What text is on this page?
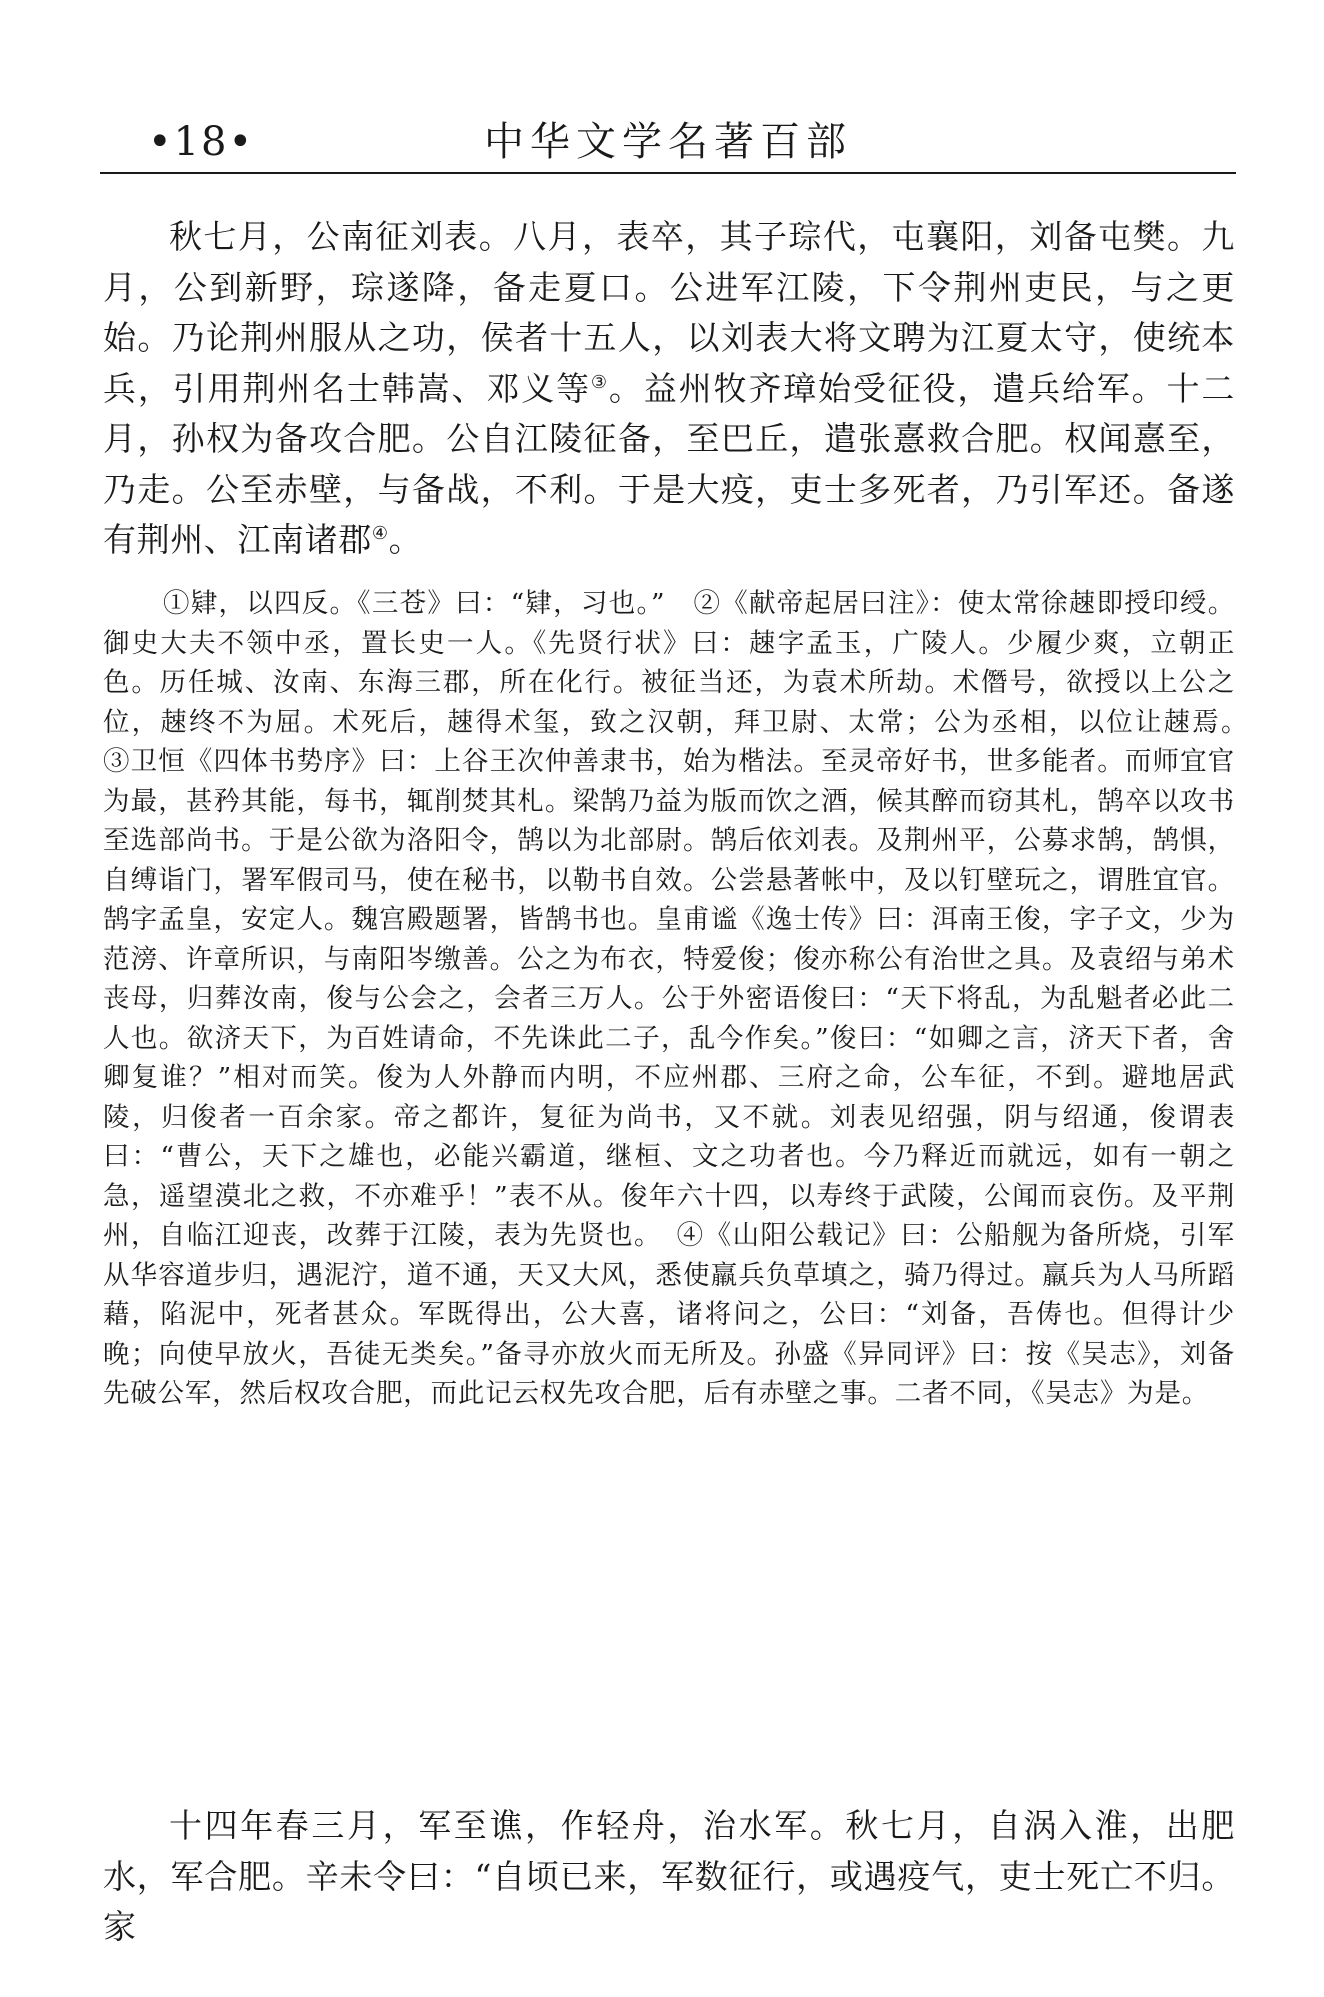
•18•	中华文学名著百部

秋七月，公南征刘表。八月，表卒，其子琮代，屯襄阳，刘备屯樊。九月，公到新野，琮遂降，备走夏口。公进军江陵，下令荆州吏民，与之更始。乃论荆州服从之功，侯者十五人，以刘表大将文聘为江夏太守，使统本兵，引用荆州名士韩嵩、邓义等③。益州牧齐璋始受征役，遣兵给军。十二月，孙权为备攻合肥。公自江陵征备，至巴丘，遣张憙救合肥。权闻憙至，乃走。公至赤壁，与备战，不利。于是大疫，吏士多死者，乃引军还。备遂有荆州、江南诸郡④。

①肄，以四反。《三苍》曰：“肄，习也。”　②《献帝起居曰注》：使太常徐趚即授印绶。御史大夫不领中丞，置长史一人。《先贤行状》曰：趚字孟玉，广陵人。少履少爽，立朝正色。历任城、汝南、东海三郡，所在化行。被征当还，为袁术所劫。术僭号，欲授以上公之位，趚终不为屈。术死后，趚得术玺，致之汉朝，拜卫尉、太常；公为丞相，以位让趚焉。　③卫恒《四体书势序》曰：上谷王次仲善隶书，始为楷法。至灵帝好书，世多能者。而师宜官为最，甚矜其能，每书，辄削焚其札。梁鹄乃益为版而饮之酒，候其醉而窃其札，鹄卒以攻书至选部尚书。于是公欲为洛阳令，鹄以为北部尉。鹄后依刘表。及荆州平，公募求鹄，鹄惧，自缚诣门，署军假司马，使在秘书，以勒书自效。公尝悬著帐中，及以钉壁玩之，谓胜宜官。鹄字孟皇，安定人。魏宫殿题署，皆鹄书也。皇甫谧《逸士传》曰：洱南王俊，字子文，少为范滂、许章所识，与南阳岑缴善。公之为布衣，特爱俊；俊亦称公有治世之具。及袁绍与弟术丧母，归葬汝南，俊与公会之，会者三万人。公于外密语俊曰：“天下将乱，为乱魁者必此二人也。欲济天下，为百姓请命，不先诛此二子，乱今作矣。”俊曰：“如卿之言，济天下者，舍卿复谁？”相对而笑。俊为人外静而内明，不应州郡、三府之命，公车征，不到。避地居武陵，归俊者一百余家。帝之都许，复征为尚书，又不就。刘表见绍强，阴与绍通，俊谓表曰：“曹公，天下之雄也，必能兴霸道，继桓、文之功者也。今乃释近而就远，如有一朝之急，遥望漠北之救，不亦难乎！”表不从。俊年六十四，以寿终于武陵，公闻而哀伤。及平荆州，自临江迎丧，改葬于江陵，表为先贤也。　④《山阳公载记》曰：公船舰为备所烧，引军从华容道步归，遇泥泞，道不通，天又大风，悉使羸兵负草填之，骑乃得过。羸兵为人马所蹈藉，陷泥中，死者甚众。军既得出，公大喜，诸将问之，公曰：“刘备，吾俦也。但得计少晚；向使早放火，吾徒无类矣。”备寻亦放火而无所及。孙盛《异同评》曰：按《吴志》，刘备先破公军，然后权攻合肥，而此记云权先攻合肥，后有赤壁之事。二者不同，《吴志》为是。

十四年春三月，军至谯，作轻舟，治水军。秋七月，自涡入淮，出肥水，军合肥。辛未令曰：“自顷已来，军数征行，或遇疫气，吏士死亡不归。家
